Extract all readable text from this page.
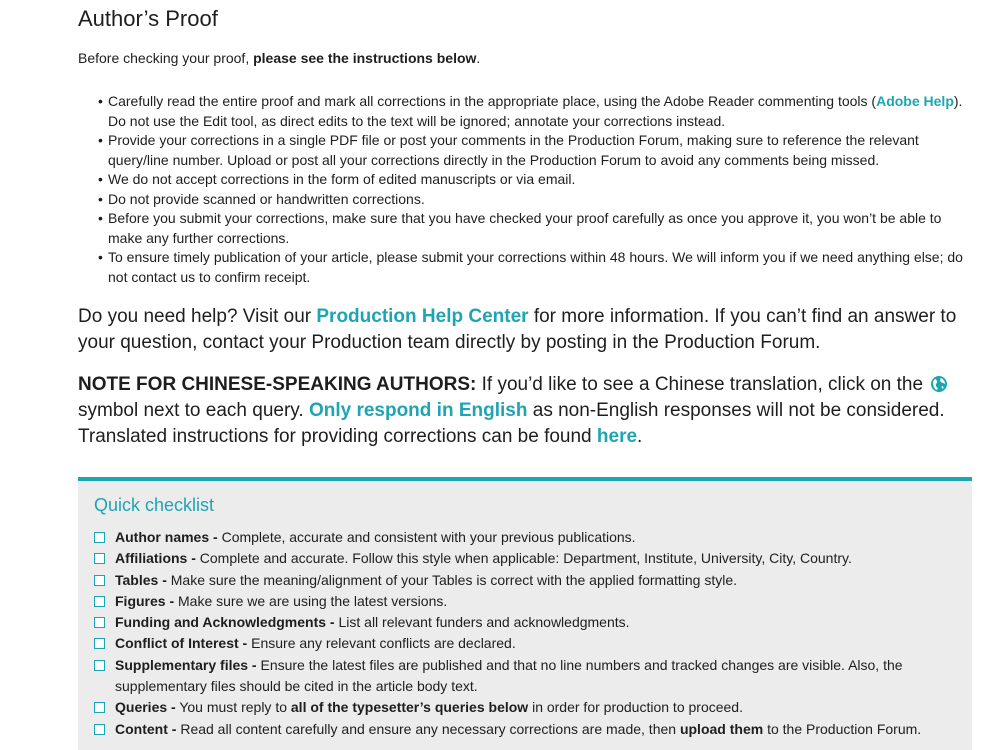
Author’s Proof

Before checking your proof, please see the instructions below.

• Carefully read the entire proof and mark all corrections in the appropriate place, using the Adobe Reader commenting tools (Adobe Help). Do not use the Edit tool, as direct edits to the text will be ignored; annotate your corrections instead.
• Provide your corrections in a single PDF file or post your comments in the Production Forum, making sure to reference the relevant query/line number. Upload or post all your corrections directly in the Production Forum to avoid any comments being missed.
• We do not accept corrections in the form of edited manuscripts or via email.
• Do not provide scanned or handwritten corrections.
• Before you submit your corrections, make sure that you have checked your proof carefully as once you approve it, you won’t be able to make any further corrections.
• To ensure timely publication of your article, please submit your corrections within 48 hours. We will inform you if we need anything else; do not contact us to confirm receipt.

Do you need help? Visit our Production Help Center for more information. If you can’t find an answer to your question, contact your Production team directly by posting in the Production Forum.

NOTE FOR CHINESE-SPEAKING AUTHORS: If you’d like to see a Chinese translation, click on the  symbol next to each query. Only respond in English as non-English responses will not be considered. Translated instructions for providing corrections can be found here.

Quick checklist
Author names - Complete, accurate and consistent with your previous publications.
Affiliations - Complete and accurate. Follow this style when applicable: Department, Institute, University, City, Country.
Tables - Make sure the meaning/alignment of your Tables is correct with the applied formatting style.
Figures - Make sure we are using the latest versions.
Funding and Acknowledgments - List all relevant funders and acknowledgments.
Conflict of Interest - Ensure any relevant conflicts are declared.
Supplementary files - Ensure the latest files are published and that no line numbers and tracked changes are visible. Also, the supplementary files should be cited in the article body text.
Queries - You must reply to all of the typesetter’s queries below in order for production to proceed.
Content - Read all content carefully and ensure any necessary corrections are made, then upload them to the Production Forum.
